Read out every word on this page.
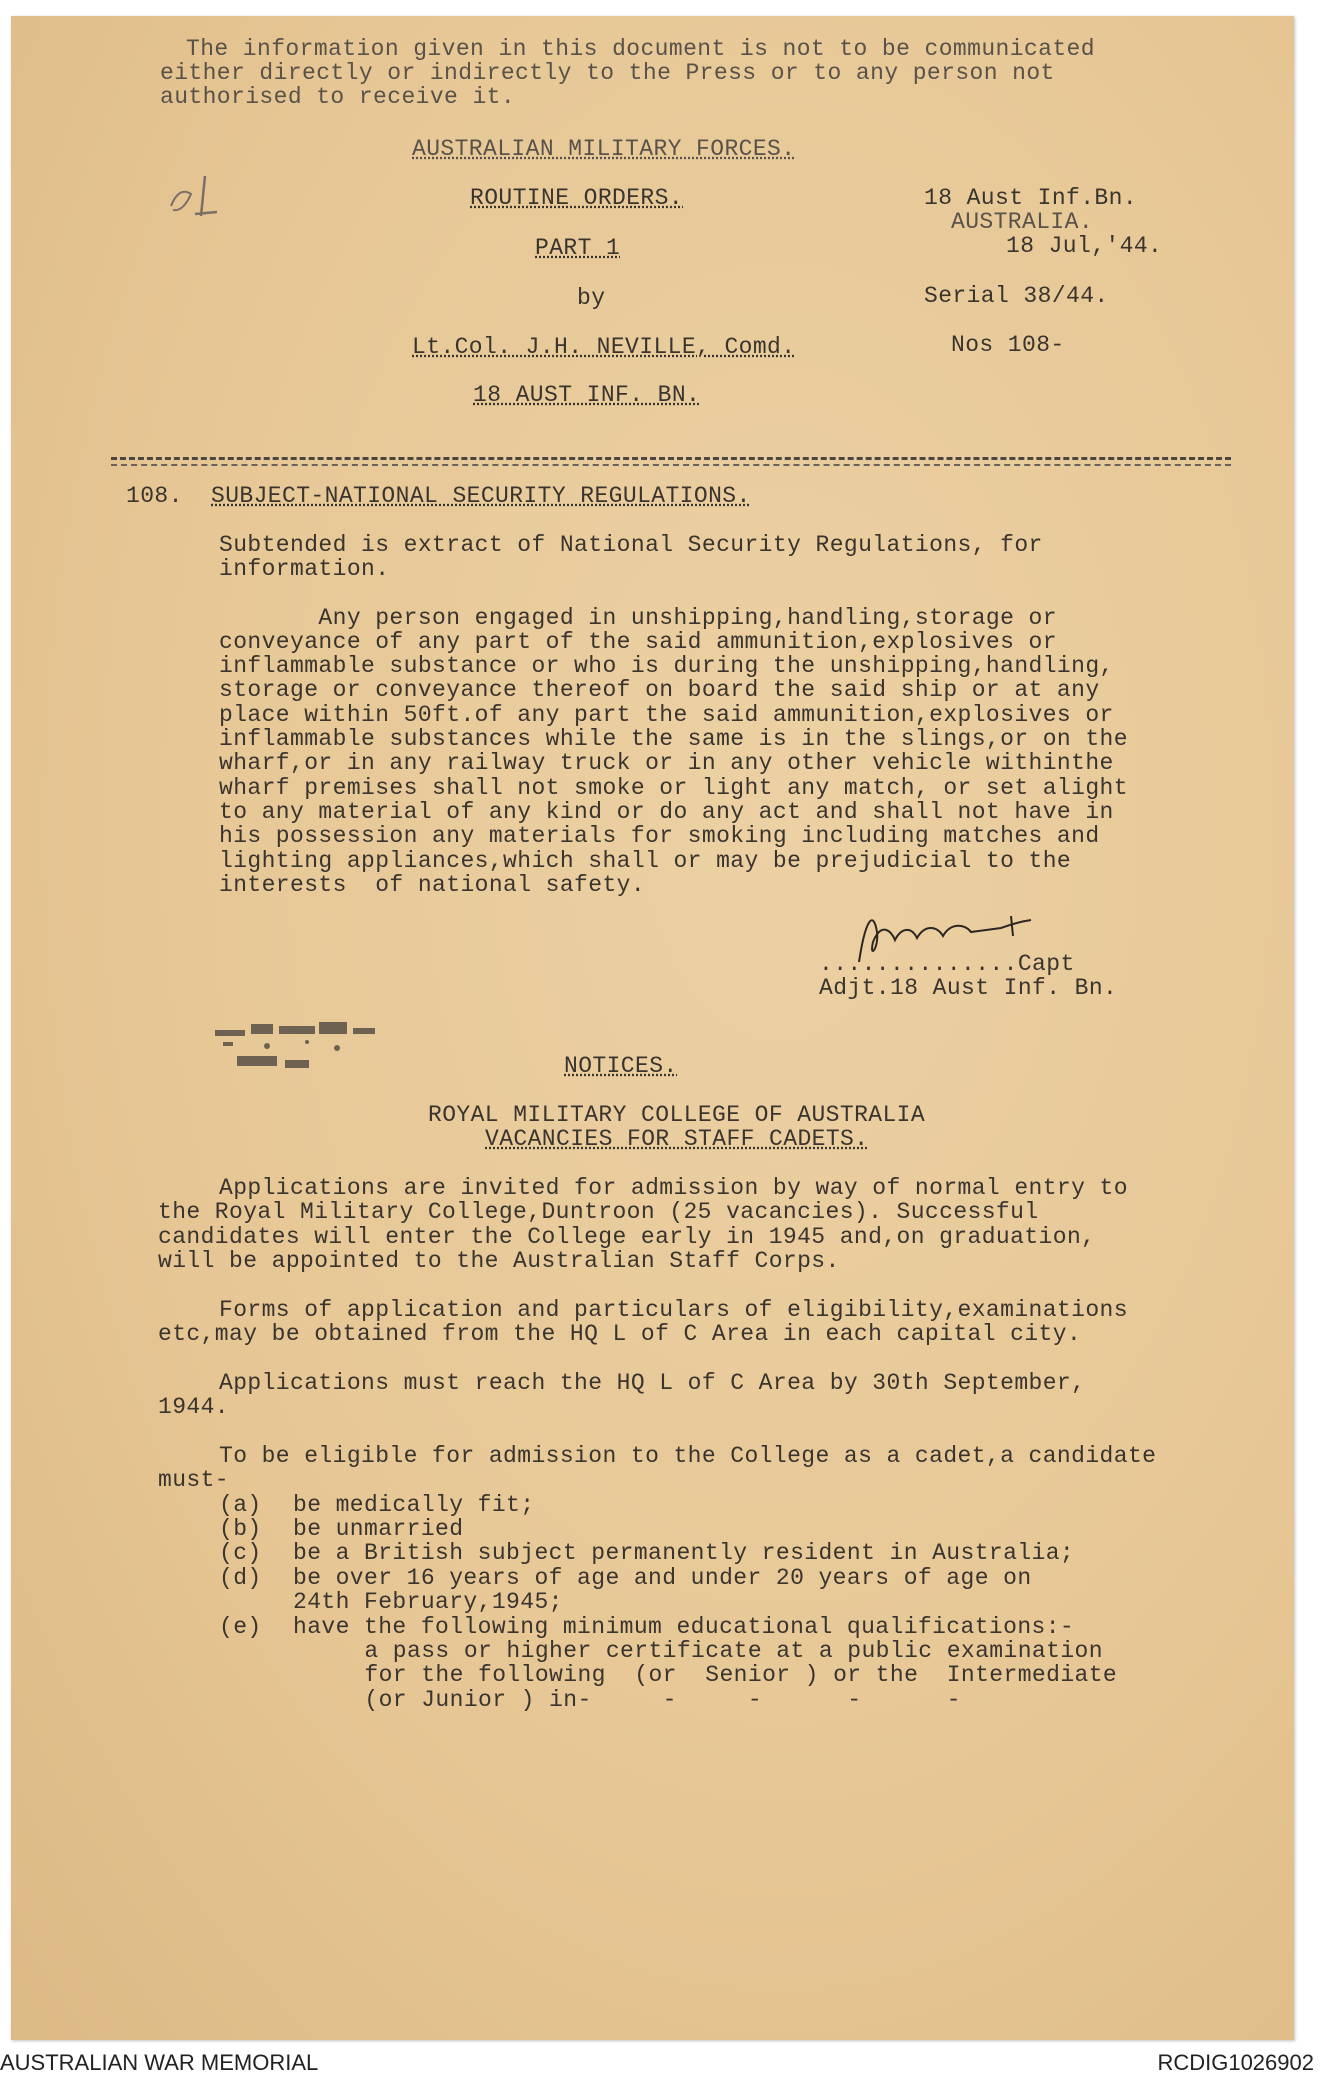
The information given in this document is not to be communicated

either directly or indirectly to the Press or to any person not

authorised to receive it.

AUSTRALIAN MILITARY FORCES.

ROUTINE ORDERS.

PART 1

by

Lt.Col. J.H. NEVILLE, Comd.

18 AUST INF. BN.

18 Aust Inf.Bn.

AUSTRALIA.

18 Jul,'44.

Serial 38/44.

Nos 108-

108. SUBJECT-NATIONAL SECURITY REGULATIONS.

Subtended is extract of National Security Regulations, for

information.

Any person engaged in unshipping,handling,storage or

conveyance of any part of the said ammunition,explosives or

inflammable substance or who is during the unshipping,handling,

storage or conveyance thereof on board the said ship or at any

place within 50ft.of any part the said ammunition,explosives or

inflammable substances while the same is in the slings,or on the

wharf,or in any railway truck or in any other vehicle withinthe

wharf premises shall not smoke or light any match, or set alight

to any material of any kind or do any act and shall not have in

his possession any materials for smoking including matches and

lighting appliances,which shall or may be prejudicial to the

interests  of national safety.

..............Capt

Adjt.18 Aust Inf. Bn.

NOTICES.

ROYAL MILITARY COLLEGE OF AUSTRALIA

VACANCIES FOR STAFF CADETS.

Applications are invited for admission by way of normal entry to

the Royal Military College,Duntroon (25 vacancies). Successful

candidates will enter the College early in 1945 and,on graduation,

will be appointed to the Australian Staff Corps.

Forms of application and particulars of eligibility,examinations

etc,may be obtained from the HQ L of C Area in each capital city.

Applications must reach the HQ L of C Area by 30th September,

1944.

To be eligible for admission to the College as a cadet,a candidate

must-

(a) be medically fit;

(b) be unmarried

(c) be a British subject permanently resident in Australia;

(d) be over 16 years of age and under 20 years of age on

24th February,1945;

(e) have the following minimum educational qualifications:-

a pass or higher certificate at a public examination

for the following  (or  Senior ) or the  Intermediate

(or Junior ) in-     -     -      -      -

AUSTRALIAN WAR MEMORIAL	RCDIG1026902
